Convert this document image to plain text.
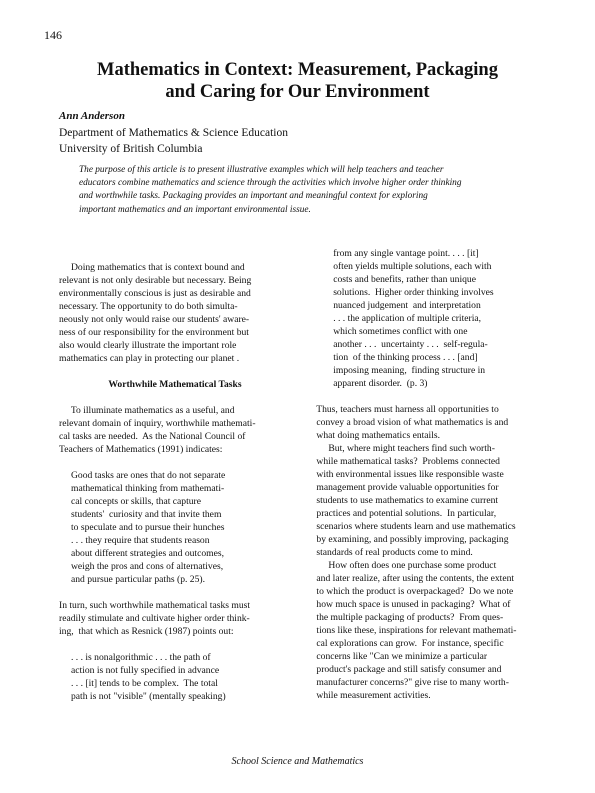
146
Mathematics in Context: Measurement, Packaging
and Caring for Our Environment
Ann Anderson
Department of Mathematics & Science Education
University of British Columbia
The purpose of this article is to present illustrative examples which will help teachers and teacher
educators combine mathematics and science through the activities which involve higher order thinking
and worthwhile tasks. Packaging provides an important and meaningful context for exploring
important mathematics and an important environmental issue.
Doing mathematics that is context bound and
relevant is not only desirable but necessary. Being
environmentally conscious is just as desirable and
necessary. The opportunity to do both simulta-
neously not only would raise our students' aware-
ness of our responsibility for the environment but
also would clearly illustrate the important role
mathematics can play in protecting our planet .
Worthwhile Mathematical Tasks
To illuminate mathematics as a useful, and
relevant domain of inquiry, worthwhile mathemati-
cal tasks are needed.  As the National Council of
Teachers of Mathematics (1991) indicates:
Good tasks are ones that do not separate
mathematical thinking from mathemati-
cal concepts or skills, that capture
students'  curiosity and that invite them
to speculate and to pursue their hunches
. . . they require that students reason
about different strategies and outcomes,
weigh the pros and cons of alternatives,
and pursue particular paths (p. 25).
In turn, such worthwhile mathematical tasks must
readily stimulate and cultivate higher order think-
ing,  that which as Resnick (1987) points out:
. . . is nonalgorithmic . . . the path of
action is not fully specified in advance
. . . [it] tends to be complex.  The total
path is not "visible" (mentally speaking)
from any single vantage point. . . . [it]
often yields multiple solutions, each with
costs and benefits, rather than unique
solutions.  Higher order thinking involves
nuanced judgement  and interpretation
. . . the application of multiple criteria,
which sometimes conflict with one
another . . .  uncertainty . . .  self-regula-
tion  of the thinking process . . . [and]
imposing meaning,  finding structure in
apparent disorder.  (p. 3)
Thus, teachers must harness all opportunities to
convey a broad vision of what mathematics is and
what doing mathematics entails.
But, where might teachers find such worth-
while mathematical tasks?  Problems connected
with environmental issues like responsible waste
management provide valuable opportunities for
students to use mathematics to examine current
practices and potential solutions.  In particular,
scenarios where students learn and use mathematics
by examining, and possibly improving, packaging
standards of real products come to mind.
How often does one purchase some product
and later realize, after using the contents, the extent
to which the product is overpackaged?  Do we note
how much space is unused in packaging?  What of
the multiple packaging of products?  From ques-
tions like these, inspirations for relevant mathemati-
cal explorations can grow.  For instance, specific
concerns like "Can we minimize a particular
product's package and still satisfy consumer and
manufacturer concerns?" give rise to many worth-
while measurement activities.
School Science and Mathematics
